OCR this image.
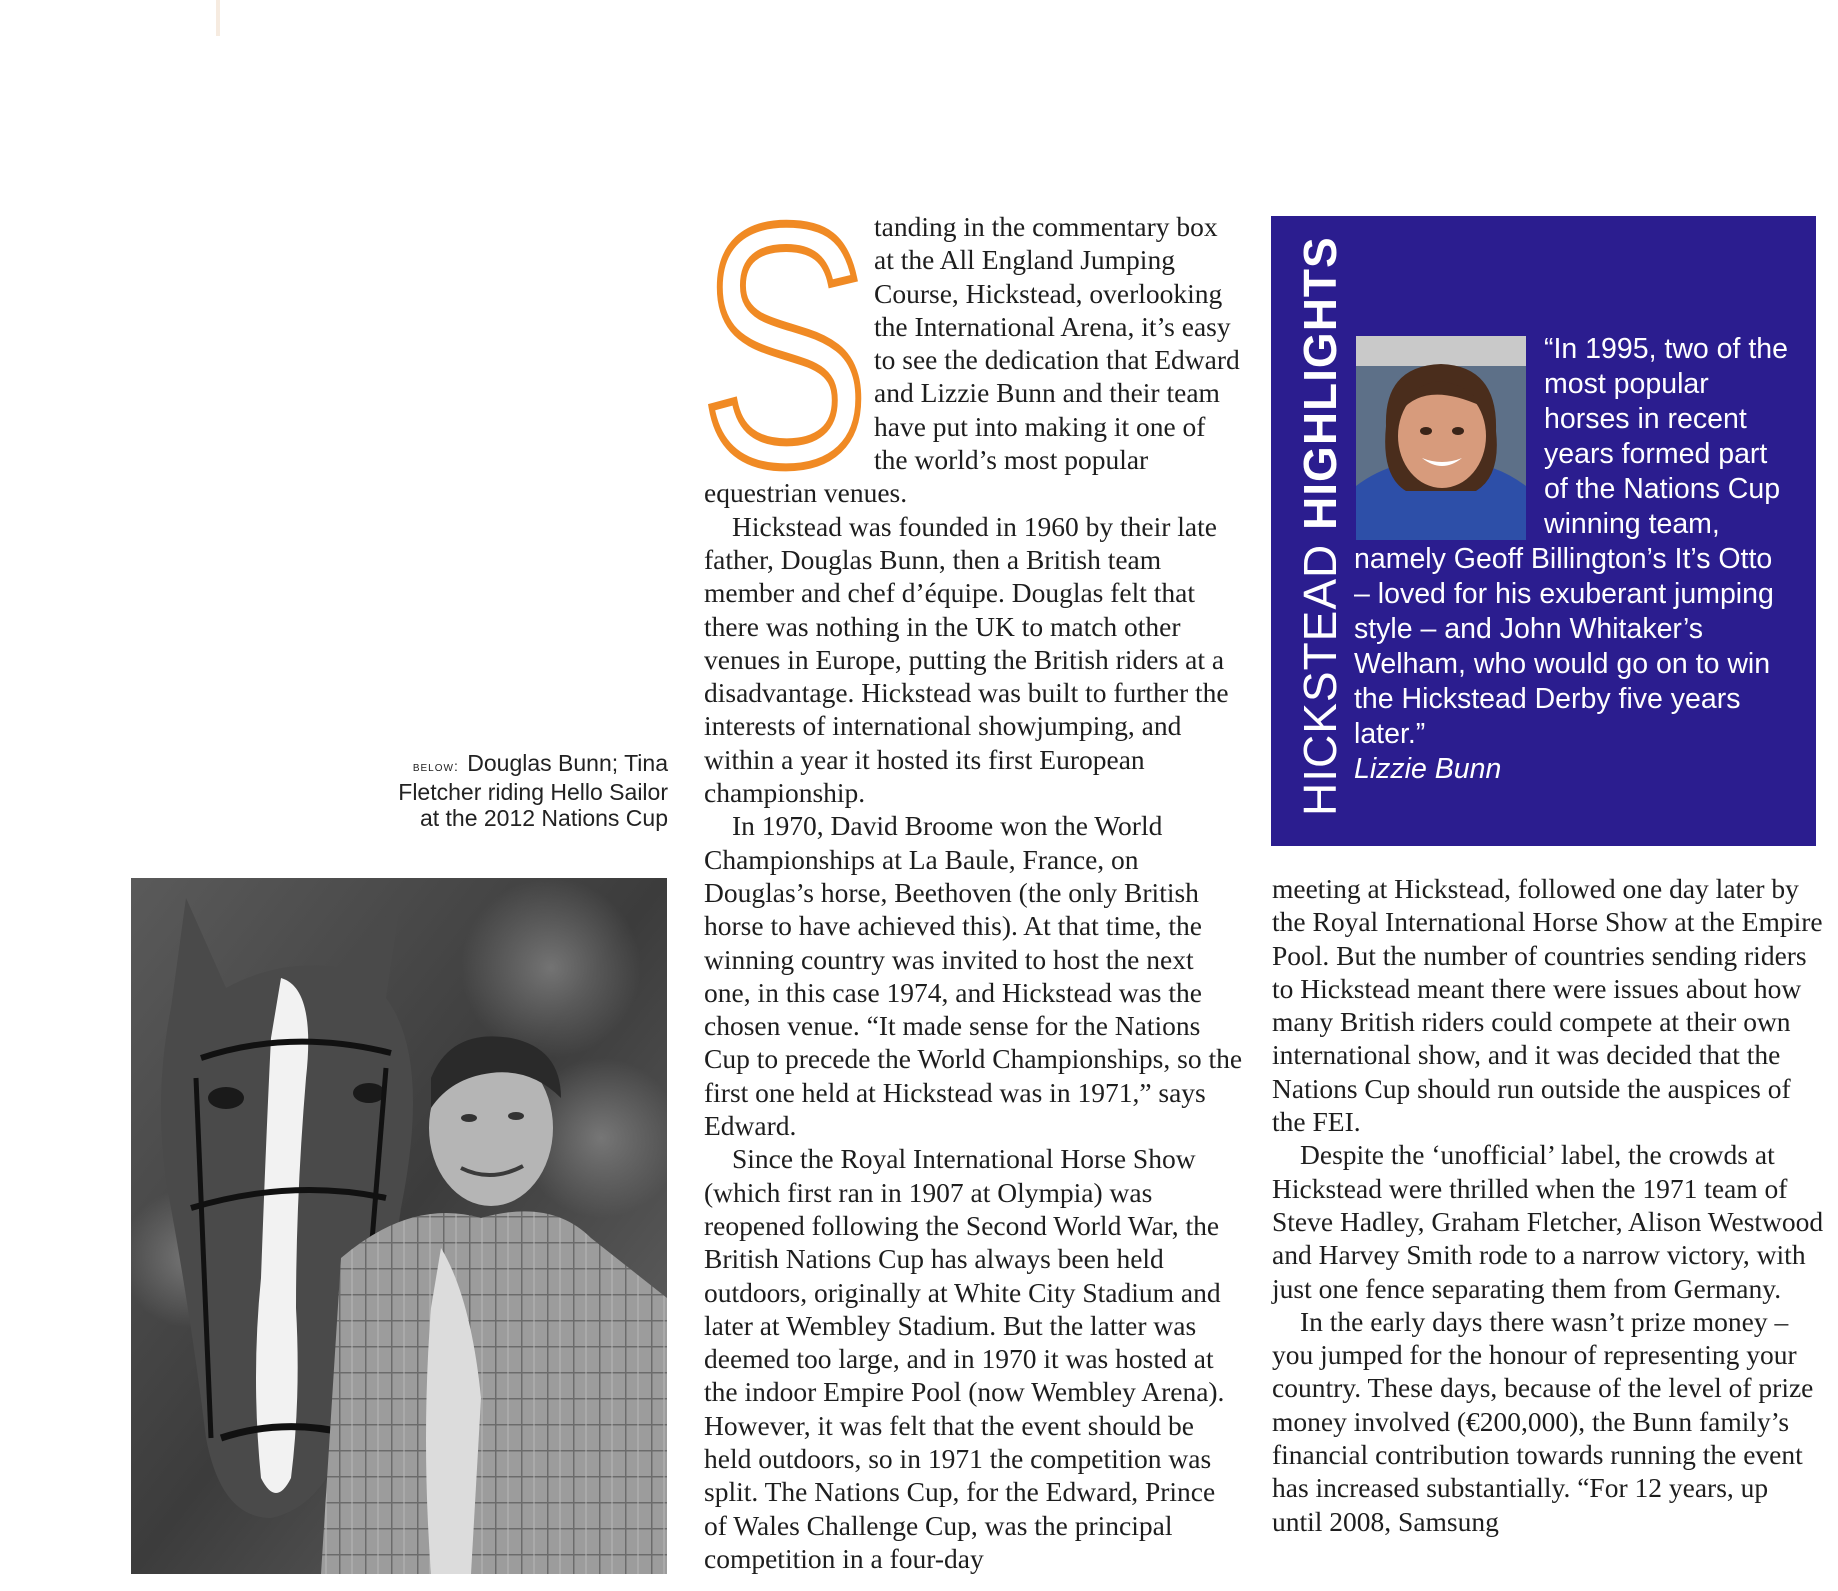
below: Douglas Bunn; Tina Fletcher riding Hello Sailor at the 2012 Nations Cup
S tanding in the commentary box at the All England Jumping Course, Hickstead, overlooking the International Arena, it’s easy to see the dedication that Edward and Lizzie Bunn and their team have put into making it one of the world’s most popular equestrian venues.

Hickstead was founded in 1960 by their late father, Douglas Bunn, then a British team member and chef d’équipe. Douglas felt that there was nothing in the UK to match other venues in Europe, putting the British riders at a disadvantage. Hickstead was built to further the interests of international showjumping, and within a year it hosted its first European championship.

In 1970, David Broome won the World Championships at La Baule, France, on Douglas’s horse, Beethoven (the only British horse to have achieved this). At that time, the winning country was invited to host the next one, in this case 1974, and Hickstead was the chosen venue. “It made sense for the Nations Cup to precede the World Championships, so the first one held at Hickstead was in 1971,” says Edward.

Since the Royal International Horse Show (which first ran in 1907 at Olympia) was reopened following the Second World War, the British Nations Cup has always been held outdoors, originally at White City Stadium and later at Wembley Stadium. But the latter was deemed too large, and in 1970 it was hosted at the indoor Empire Pool (now Wembley Arena). However, it was felt that the event should be held outdoors, so in 1971 the competition was split. The Nations Cup, for the Edward, Prince of Wales Challenge Cup, was the principal competition in a four-day

HICKSTEAD HIGHLIGHTS	“In 1995, two of the most popular horses in recent years formed part of the Nations Cup winning team, namely Geoff Billington’s It’s Otto – loved for his exuberant jumping style – and John Whitaker’s Welham, who would go on to win the Hickstead Derby five years later.”
Lizzie Bunn

meeting at Hickstead, followed one day later by the Royal International Horse Show at the Empire Pool. But the number of countries sending riders to Hickstead meant there were issues about how many British riders could compete at their own international show, and it was decided that the Nations Cup should run outside the auspices of the FEI.

Despite the ‘unofficial’ label, the crowds at Hickstead were thrilled when the 1971 team of Steve Hadley, Graham Fletcher, Alison Westwood and Harvey Smith rode to a narrow victory, with just one fence separating them from Germany.

In the early days there wasn’t prize money – you jumped for the honour of representing your country. These days, because of the level of prize money involved (€200,000), the Bunn family’s financial contribution towards running the event has increased substantially. “For 12 years, up until 2008, Samsung
